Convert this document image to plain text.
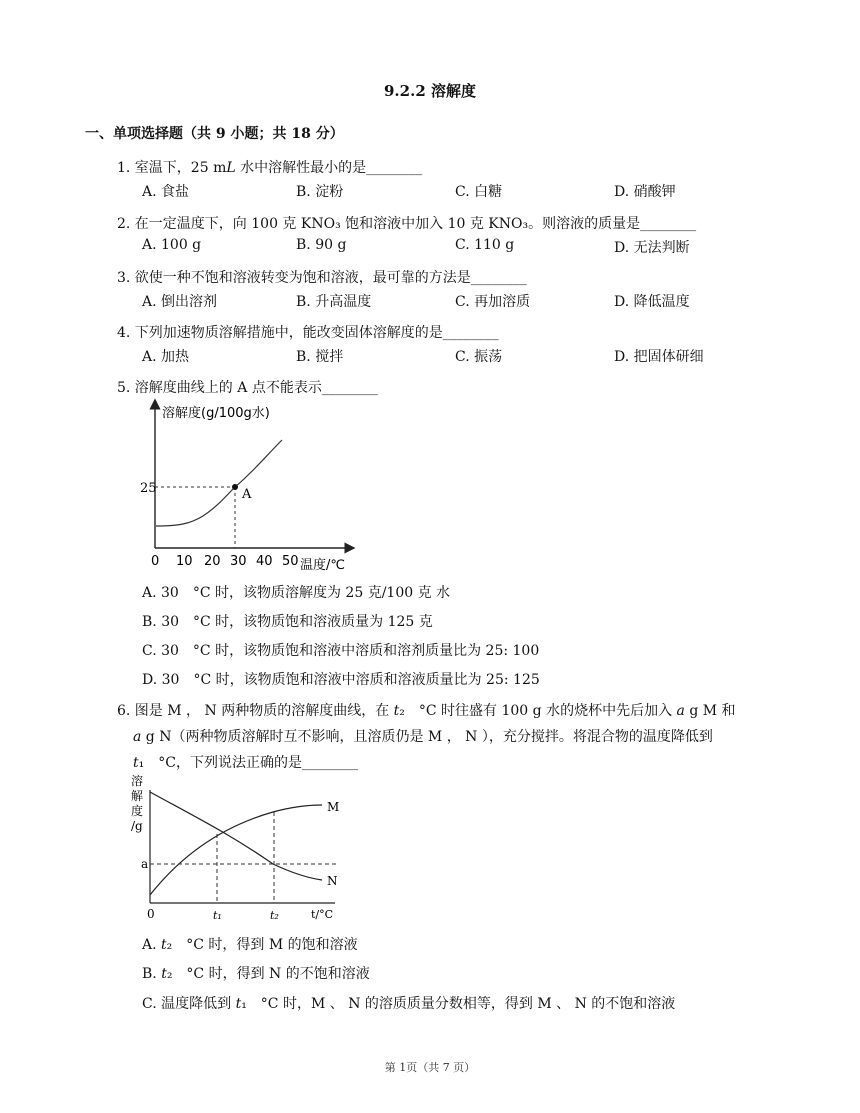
9.2.2 溶解度
一、单项选择题（共 9 小题；共 18 分）
1. 室温下，25 m𝐿 水中溶解性最小的是________
A. 食盐	B. 淀粉	C. 白糖	D. 硝酸钾
2. 在一定温度下，向 100 克 KNO₃ 饱和溶液中加入 10 克 KNO₃。则溶液的质量是________
A. 100 g	B. 90 g	C. 110 g	D. 无法判断
3. 欲使一种不饱和溶液转变为饱和溶液，最可靠的方法是________
A. 倒出溶剂	B. 升高温度	C. 再加溶质	D. 降低温度
4. 下列加速物质溶解措施中，能改变固体溶解度的是________
A. 加热	B. 搅拌	C. 振荡	D. 把固体研细
5. 溶解度曲线上的 A 点不能表示________
溶解度(g/100g水)
A
25
0 10 20 30 40 50 温度/℃
A. 30　°C 时，该物质溶解度为 25 克/100 克 水
B. 30　°C 时，该物质饱和溶液质量为 125 克
C. 30　°C 时，该物质饱和溶液中溶质和溶剂质量比为 25: 100
D. 30　°C 时，该物质饱和溶液中溶质和溶液质量比为 25: 125
6. 图是 M ， N 两种物质的溶解度曲线，在 𝑡₂　°C 时往盛有 100 g 水的烧杯中先后加入 𝑎 g M 和
𝑎 g N（两种物质溶解时互不影响，且溶质仍是 M ， N ），充分搅拌。将混合物的温度降低到
𝑡₁　°C，下列说法正确的是________
溶
解
度
/g
M
N
a
0	t₁	t₂	t/°C
A. 𝑡₂　°C 时，得到 M 的饱和溶液
B. 𝑡₂　°C 时，得到 N 的不饱和溶液
C. 温度降低到 𝑡₁　°C 时，M 、 N 的溶质质量分数相等，得到 M 、 N 的不饱和溶液
第 1页（共 7 页）
